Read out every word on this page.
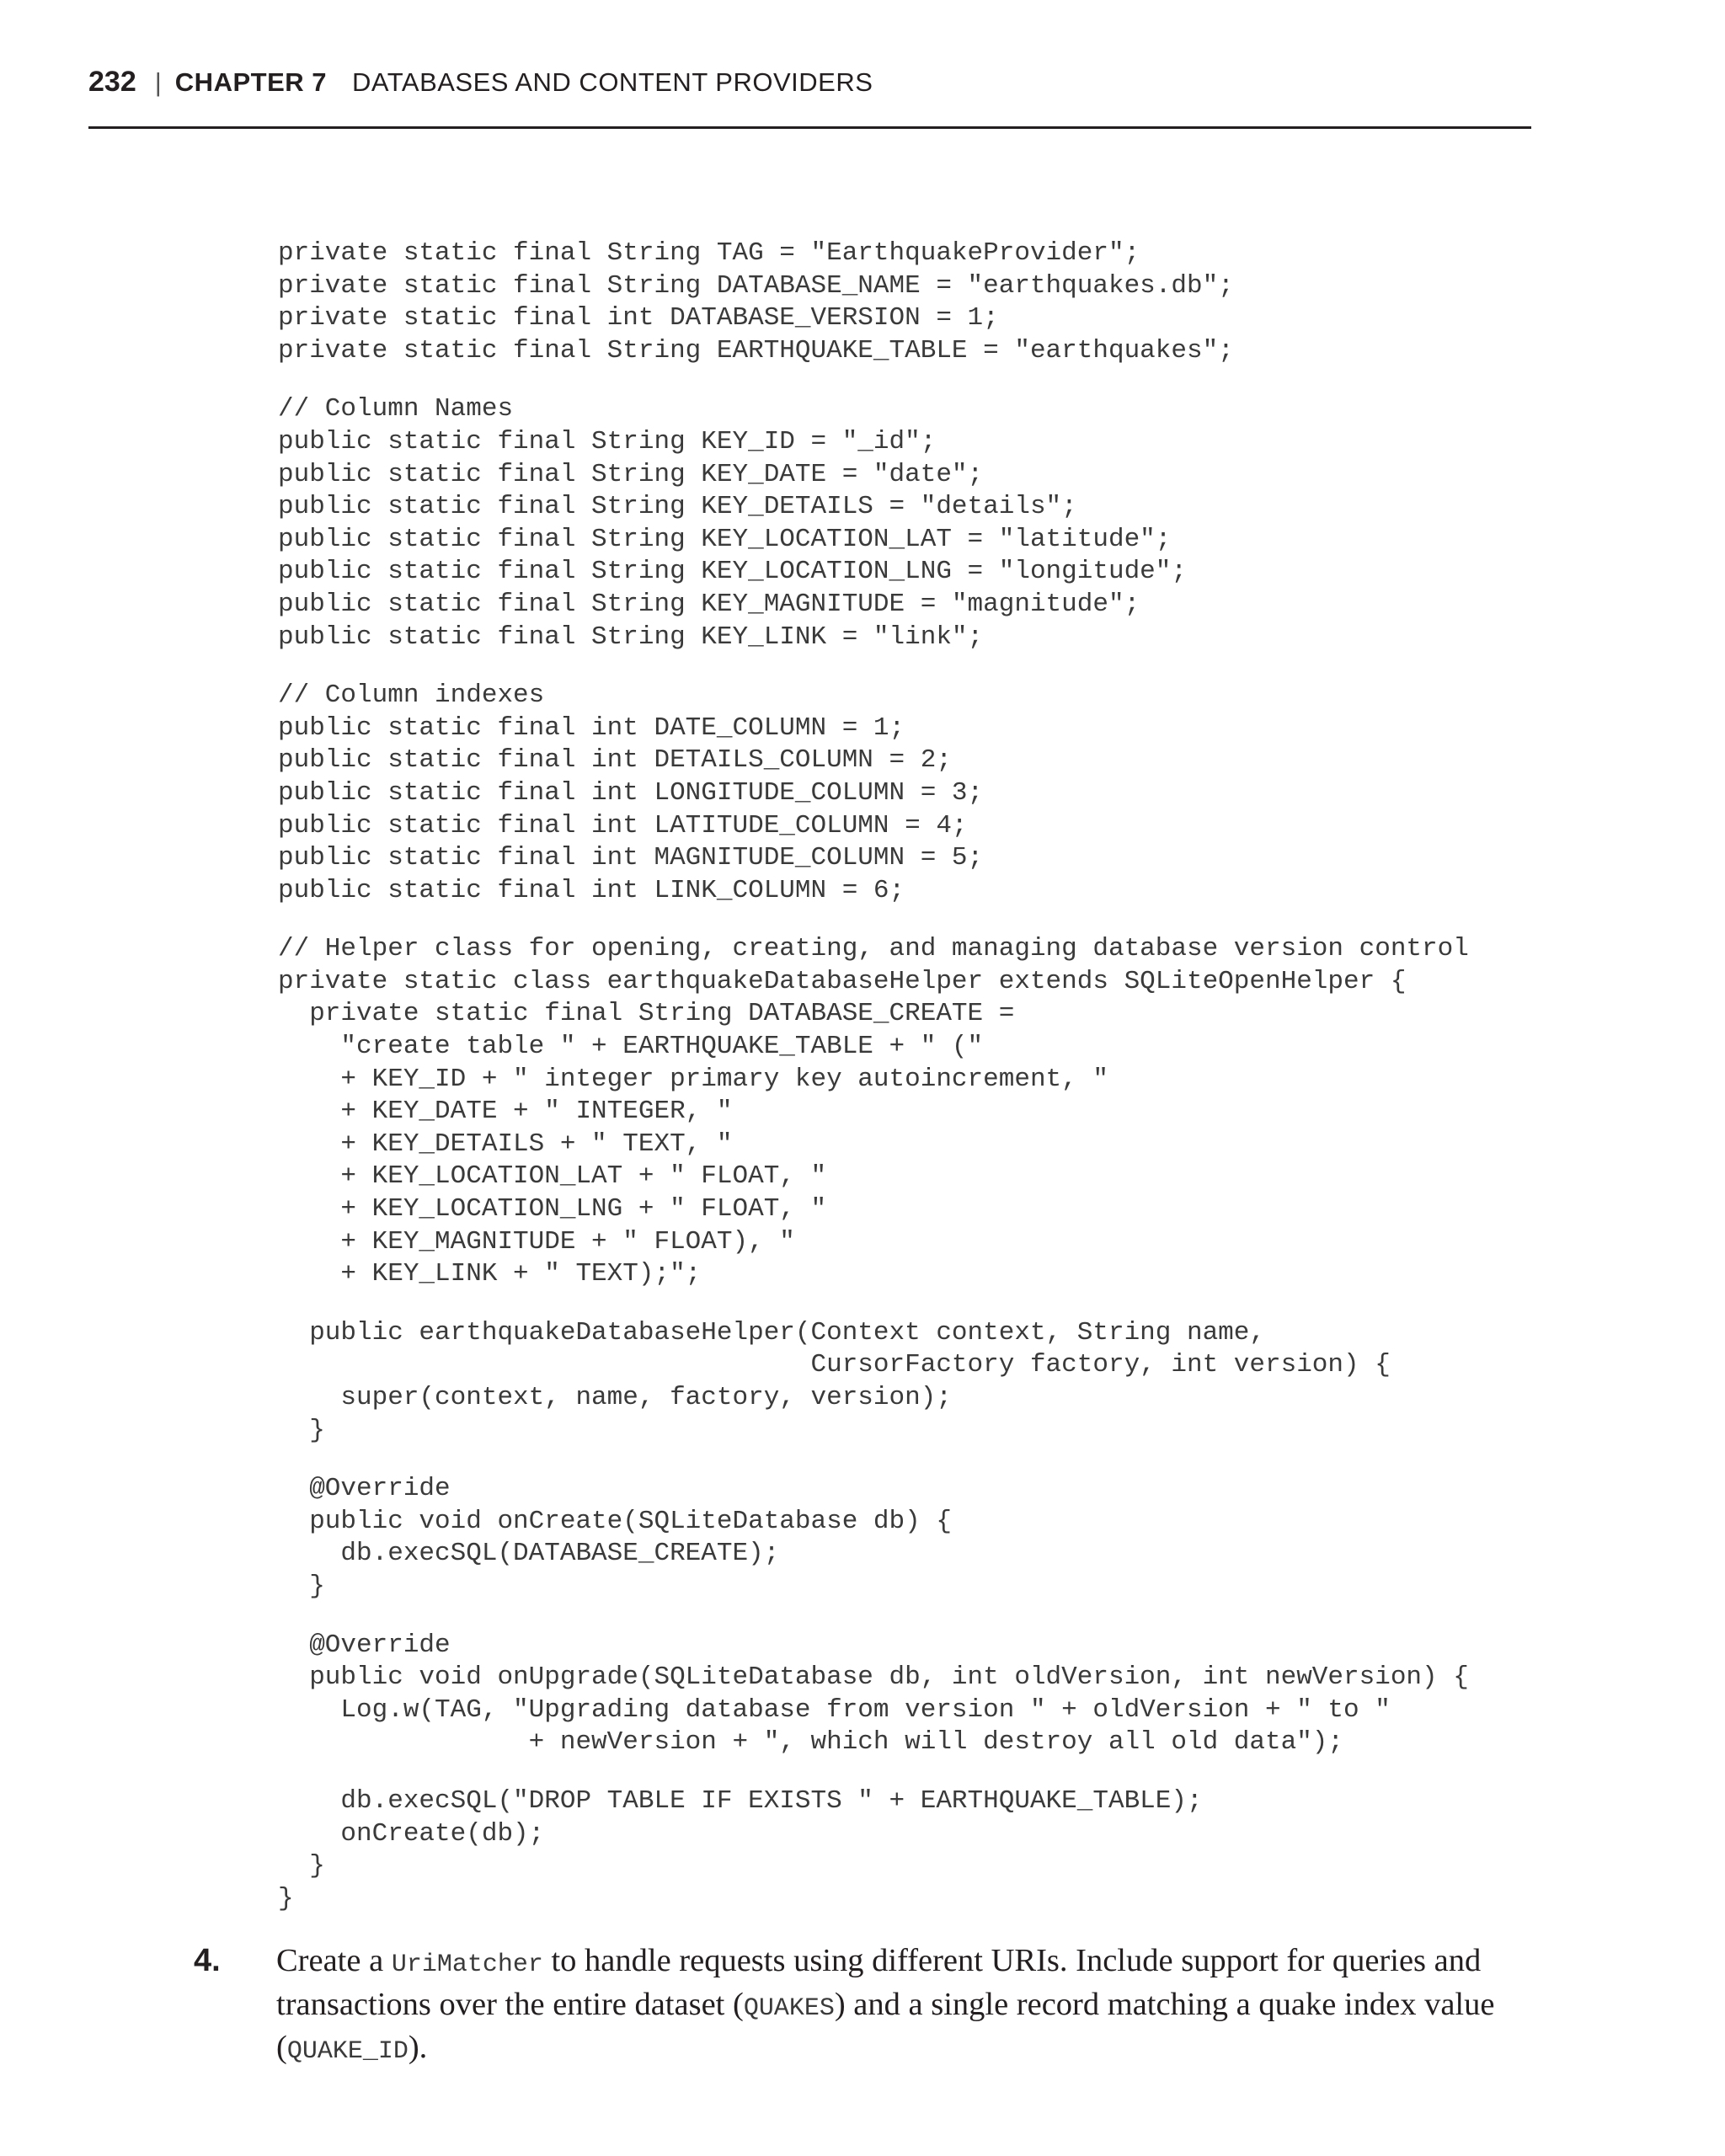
232 | CHAPTER 7 DATABASES AND CONTENT PROVIDERS
private static final String TAG = "EarthquakeProvider";
private static final String DATABASE_NAME = "earthquakes.db";
private static final int DATABASE_VERSION = 1;
private static final String EARTHQUAKE_TABLE = "earthquakes";
// Column Names
public static final String KEY_ID = "_id";
public static final String KEY_DATE = "date";
public static final String KEY_DETAILS = "details";
public static final String KEY_LOCATION_LAT = "latitude";
public static final String KEY_LOCATION_LNG = "longitude";
public static final String KEY_MAGNITUDE = "magnitude";
public static final String KEY_LINK = "link";
// Column indexes
public static final int DATE_COLUMN = 1;
public static final int DETAILS_COLUMN = 2;
public static final int LONGITUDE_COLUMN = 3;
public static final int LATITUDE_COLUMN = 4;
public static final int MAGNITUDE_COLUMN = 5;
public static final int LINK_COLUMN = 6;
// Helper class for opening, creating, and managing database version control
private static class earthquakeDatabaseHelper extends SQLiteOpenHelper {
private static final String DATABASE_CREATE =
"create table " + EARTHQUAKE_TABLE + " ("
+ KEY_ID + " integer primary key autoincrement, "
+ KEY_DATE + " INTEGER, "
+ KEY_DETAILS + " TEXT, "
+ KEY_LOCATION_LAT + " FLOAT, "
+ KEY_LOCATION_LNG + " FLOAT, "
+ KEY_MAGNITUDE + " FLOAT), "
+ KEY_LINK + " TEXT);";
public earthquakeDatabaseHelper(Context context, String name,
CursorFactory factory, int version) {
super(context, name, factory, version);
}
@Override
public void onCreate(SQLiteDatabase db) {
db.execSQL(DATABASE_CREATE);
}
@Override
public void onUpgrade(SQLiteDatabase db, int oldVersion, int newVersion) {
Log.w(TAG, "Upgrading database from version " + oldVersion + " to "
+ newVersion + ", which will destroy all old data");
db.execSQL("DROP TABLE IF EXISTS " + EARTHQUAKE_TABLE);
onCreate(db);
}
}
4. Create a UriMatcher to handle requests using different URIs. Include support for queries and transactions over the entire dataset (QUAKES) and a single record matching a quake index value (QUAKE_ID).
